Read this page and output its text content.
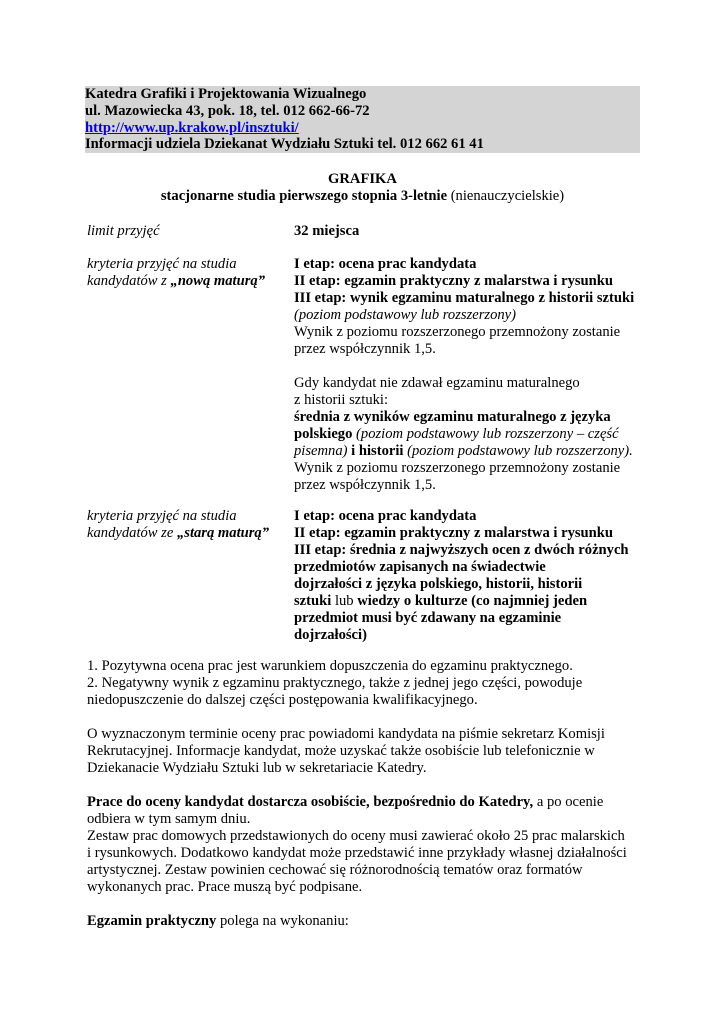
Katedra Grafiki i Projektowania Wizualnego
ul. Mazowiecka 43, pok. 18, tel. 012 662-66-72
http://www.up.krakow.pl/insztuki/
Informacji udziela Dziekanat Wydziału Sztuki tel. 012 662 61 41
GRAFIKA
stacjonarne studia pierwszego stopnia 3-letnie (nienauczycielskie)
limit przyjęć	32 miejsca
kryteria przyjęć na studia
kandydatów z „nową maturą”
I etap: ocena prac kandydata
II etap: egzamin praktyczny z malarstwa i rysunku
III etap: wynik egzaminu maturalnego z historii sztuki
(poziom podstawowy lub rozszerzony)
Wynik z poziomu rozszerzonego przemnożony zostanie
przez współczynnik 1,5.
Gdy kandydat nie zdawał egzaminu maturalnego
z historii sztuki:
średnia z wyników egzaminu maturalnego z języka
polskiego (poziom podstawowy lub rozszerzony – część
pisemna) i historii (poziom podstawowy lub rozszerzony).
Wynik z poziomu rozszerzonego przemnożony zostanie
przez współczynnik 1,5.
kryteria przyjęć na studia
kandydatów ze „starą maturą”
I etap: ocena prac kandydata
II etap: egzamin praktyczny z malarstwa i rysunku
III etap: średnia z najwyższych ocen z dwóch różnych
przedmiotów zapisanych na świadectwie
dojrzałości z języka polskiego, historii, historii
sztuki lub wiedzy o kulturze (co najmniej jeden
przedmiot musi być zdawany na egzaminie
dojrzałości)
1. Pozytywna ocena prac jest warunkiem dopuszczenia do egzaminu praktycznego.
2. Negatywny wynik z egzaminu praktycznego, także z jednej jego części, powoduje
niedopuszczenie do dalszej części postępowania kwalifikacyjnego.
O wyznaczonym terminie oceny prac powiadomi kandydata na piśmie sekretarz Komisji
Rekrutacyjnej. Informacje kandydat, może uzyskać także osobiście lub telefonicznie w
Dziekanacie Wydziału Sztuki lub w sekretariacie Katedry.
Prace do oceny kandydat dostarcza osobiście, bezpośrednio do Katedry, a po ocenie
odbiera w tym samym dniu.
Zestaw prac domowych przedstawionych do oceny musi zawierać około 25 prac malarskich
i rysunkowych. Dodatkowo kandydat może przedstawić inne przykłady własnej działalności
artystycznej. Zestaw powinien cechować się różnorodnością tematów oraz formatów
wykonanych prac. Prace muszą być podpisane.
Egzamin praktyczny polega na wykonaniu:
